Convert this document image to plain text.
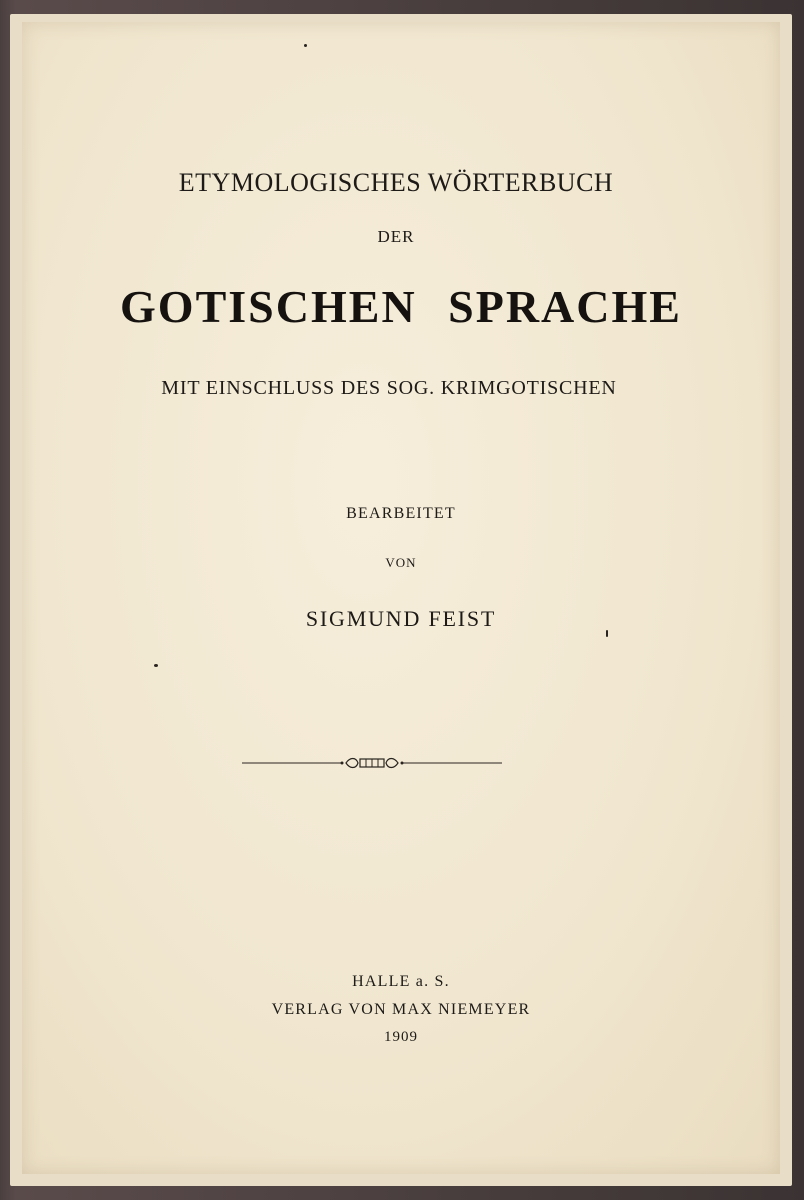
ETYMOLOGISCHES WÖRTERBUCH
DER
GOTISCHEN SPRACHE
MIT EINSCHLUSS DES SOG. KRIMGOTISCHEN
BEARBEITET
VON
SIGMUND FEIST
HALLE a. S.
VERLAG VON MAX NIEMEYER
1909
